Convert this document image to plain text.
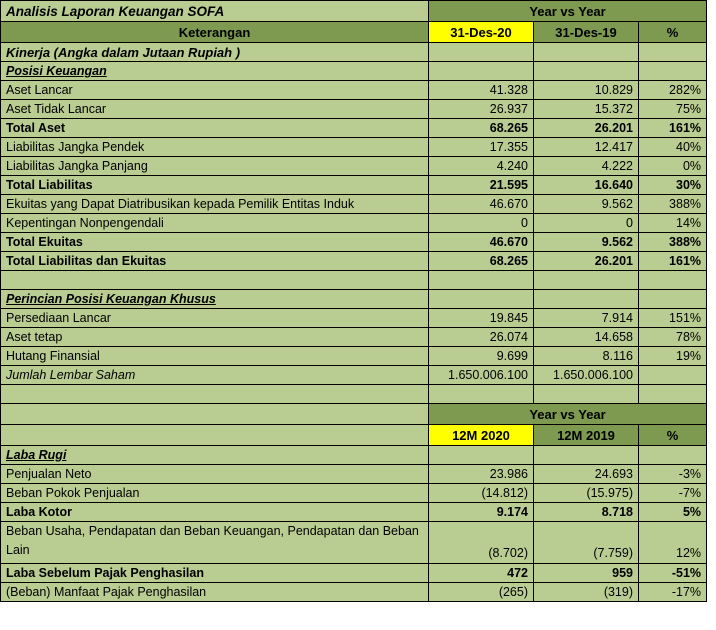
Analisis Laporan Keuangan SOFA	Year vs Year		
Keterangan	31-Des-20	31-Des-19	%
Kinerja (Angka dalam Jutaan Rupiah )			
Posisi Keuangan			
Aset Lancar	41.328	10.829	282%
Aset Tidak Lancar	26.937	15.372	75%
Total Aset	68.265	26.201	161%
Liabilitas Jangka Pendek	17.355	12.417	40%
Liabilitas Jangka Panjang	4.240	4.222	0%
Total Liabilitas	21.595	16.640	30%
Ekuitas yang Dapat Diatribusikan kepada Pemilik Entitas Induk	46.670	9.562	388%
Kepentingan Nonpengendali	0	0	14%
Total Ekuitas	46.670	9.562	388%
Total Liabilitas dan Ekuitas	68.265	26.201	161%

Perincian Posisi Keuangan Khusus			
Persediaan Lancar	19.845	7.914	151%
Aset tetap	26.074	14.658	78%
Hutang Finansial	9.699	8.116	19%
Jumlah Lembar Saham	1.650.006.100	1.650.006.100	

	Year vs Year		
	12M 2020	12M 2019	%
Laba Rugi			
Penjualan Neto	23.986	24.693	-3%
Beban Pokok Penjualan	(14.812)	(15.975)	-7%
Laba Kotor	9.174	8.718	5%
Beban Usaha, Pendapatan dan Beban Keuangan, Pendapatan dan Beban Lain	(8.702)	(7.759)	12%
Laba Sebelum Pajak Penghasilan	472	959	-51%
(Beban) Manfaat Pajak Penghasilan	(265)	(319)	-17%
